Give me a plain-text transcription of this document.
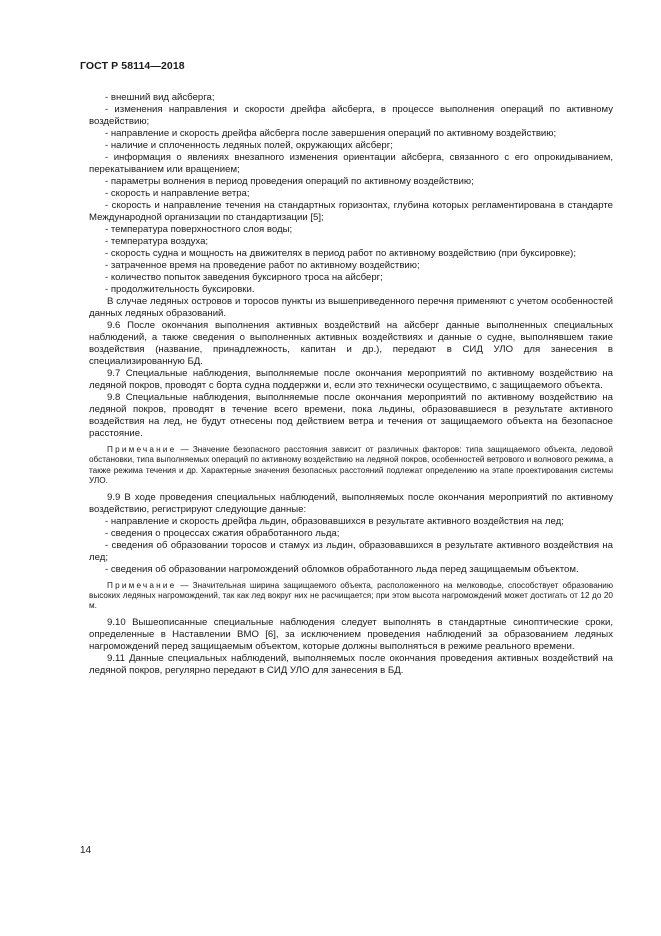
ГОСТ Р 58114—2018

- внешний вид айсберга;

- изменения направления и скорости дрейфа айсберга, в процессе выполнения операций по активному воздействию;

- направление и скорость дрейфа айсберга после завершения операций по активному воздействию;

- наличие и сплоченность ледяных полей, окружающих айсберг;

- информация о явлениях внезапного изменения ориентации айсберга, связанного с его опрокидыванием, перекатыванием или вращением;

- параметры волнения в период проведения операций по активному воздействию;

- скорость и направление ветра;

- скорость и направление течения на стандартных горизонтах, глубина которых регламентирована в стандарте Международной организации по стандартизации [5];

- температура поверхностного слоя воды;

- температура воздуха;

- скорость судна и мощность на движителях в период работ по активному воздействию (при буксировке);

- затраченное время на проведение работ по активному воздействию;

- количество попыток заведения буксирного троса на айсберг;

- продолжительность буксировки.

В случае ледяных островов и торосов пункты из вышеприведенного перечня применяют с учетом особенностей данных ледяных образований.

9.6 После окончания выполнения активных воздействий на айсберг данные выполненных специальных наблюдений, а также сведения о выполненных активных воздействиях и данные о судне, выполнявшем такие воздействия (название, принадлежность, капитан и др.), передают в СИД УЛО для занесения в специализированную БД.

9.7 Специальные наблюдения, выполняемые после окончания мероприятий по активному воздействию на ледяной покров, проводят с борта судна поддержки и, если это технически осуществимо, с защищаемого объекта.

9.8 Специальные наблюдения, выполняемые после окончания мероприятий по активному воздействию на ледяной покров, проводят в течение всего времени, пока льдины, образовавшиеся в результате активного воздействия на лед, не будут отнесены под действием ветра и течения от защищаемого объекта на безопасное расстояние.

Примечание — Значение безопасного расстояния зависит от различных факторов: типа защищаемого объекта, ледовой обстановки, типа выполняемых операций по активному воздействию на ледяной покров, особенностей ветрового и волнового режима, а также режима течения и др. Характерные значения безопасных расстояний подлежат определению на этапе проектирования системы УЛО.

9.9 В ходе проведения специальных наблюдений, выполняемых после окончания мероприятий по активному воздействию, регистрируют следующие данные:

- направление и скорость дрейфа льдин, образовавшихся в результате активного воздействия на лед;

- сведения о процессах сжатия обработанного льда;

- сведения об образовании торосов и стамух из льдин, образовавшихся в результате активного воздействия на лед;

- сведения об образовании нагромождений обломков обработанного льда перед защищаемым объектом.

Примечание — Значительная ширина защищаемого объекта, расположенного на мелководье, способствует образованию высоких ледяных нагромождений, так как лед вокруг них не расчищается; при этом высота нагромождений может достигать от 12 до 20 м.

9.10 Вышеописанные специальные наблюдения следует выполнять в стандартные синоптические сроки, определенные в Наставлении ВМО [6], за исключением проведения наблюдений за образованием ледяных нагромождений перед защищаемым объектом, которые должны выполняться в режиме реального времени.

9.11 Данные специальных наблюдений, выполняемых после окончания проведения активных воздействий на ледяной покров, регулярно передают в СИД УЛО для занесения в БД.

14
